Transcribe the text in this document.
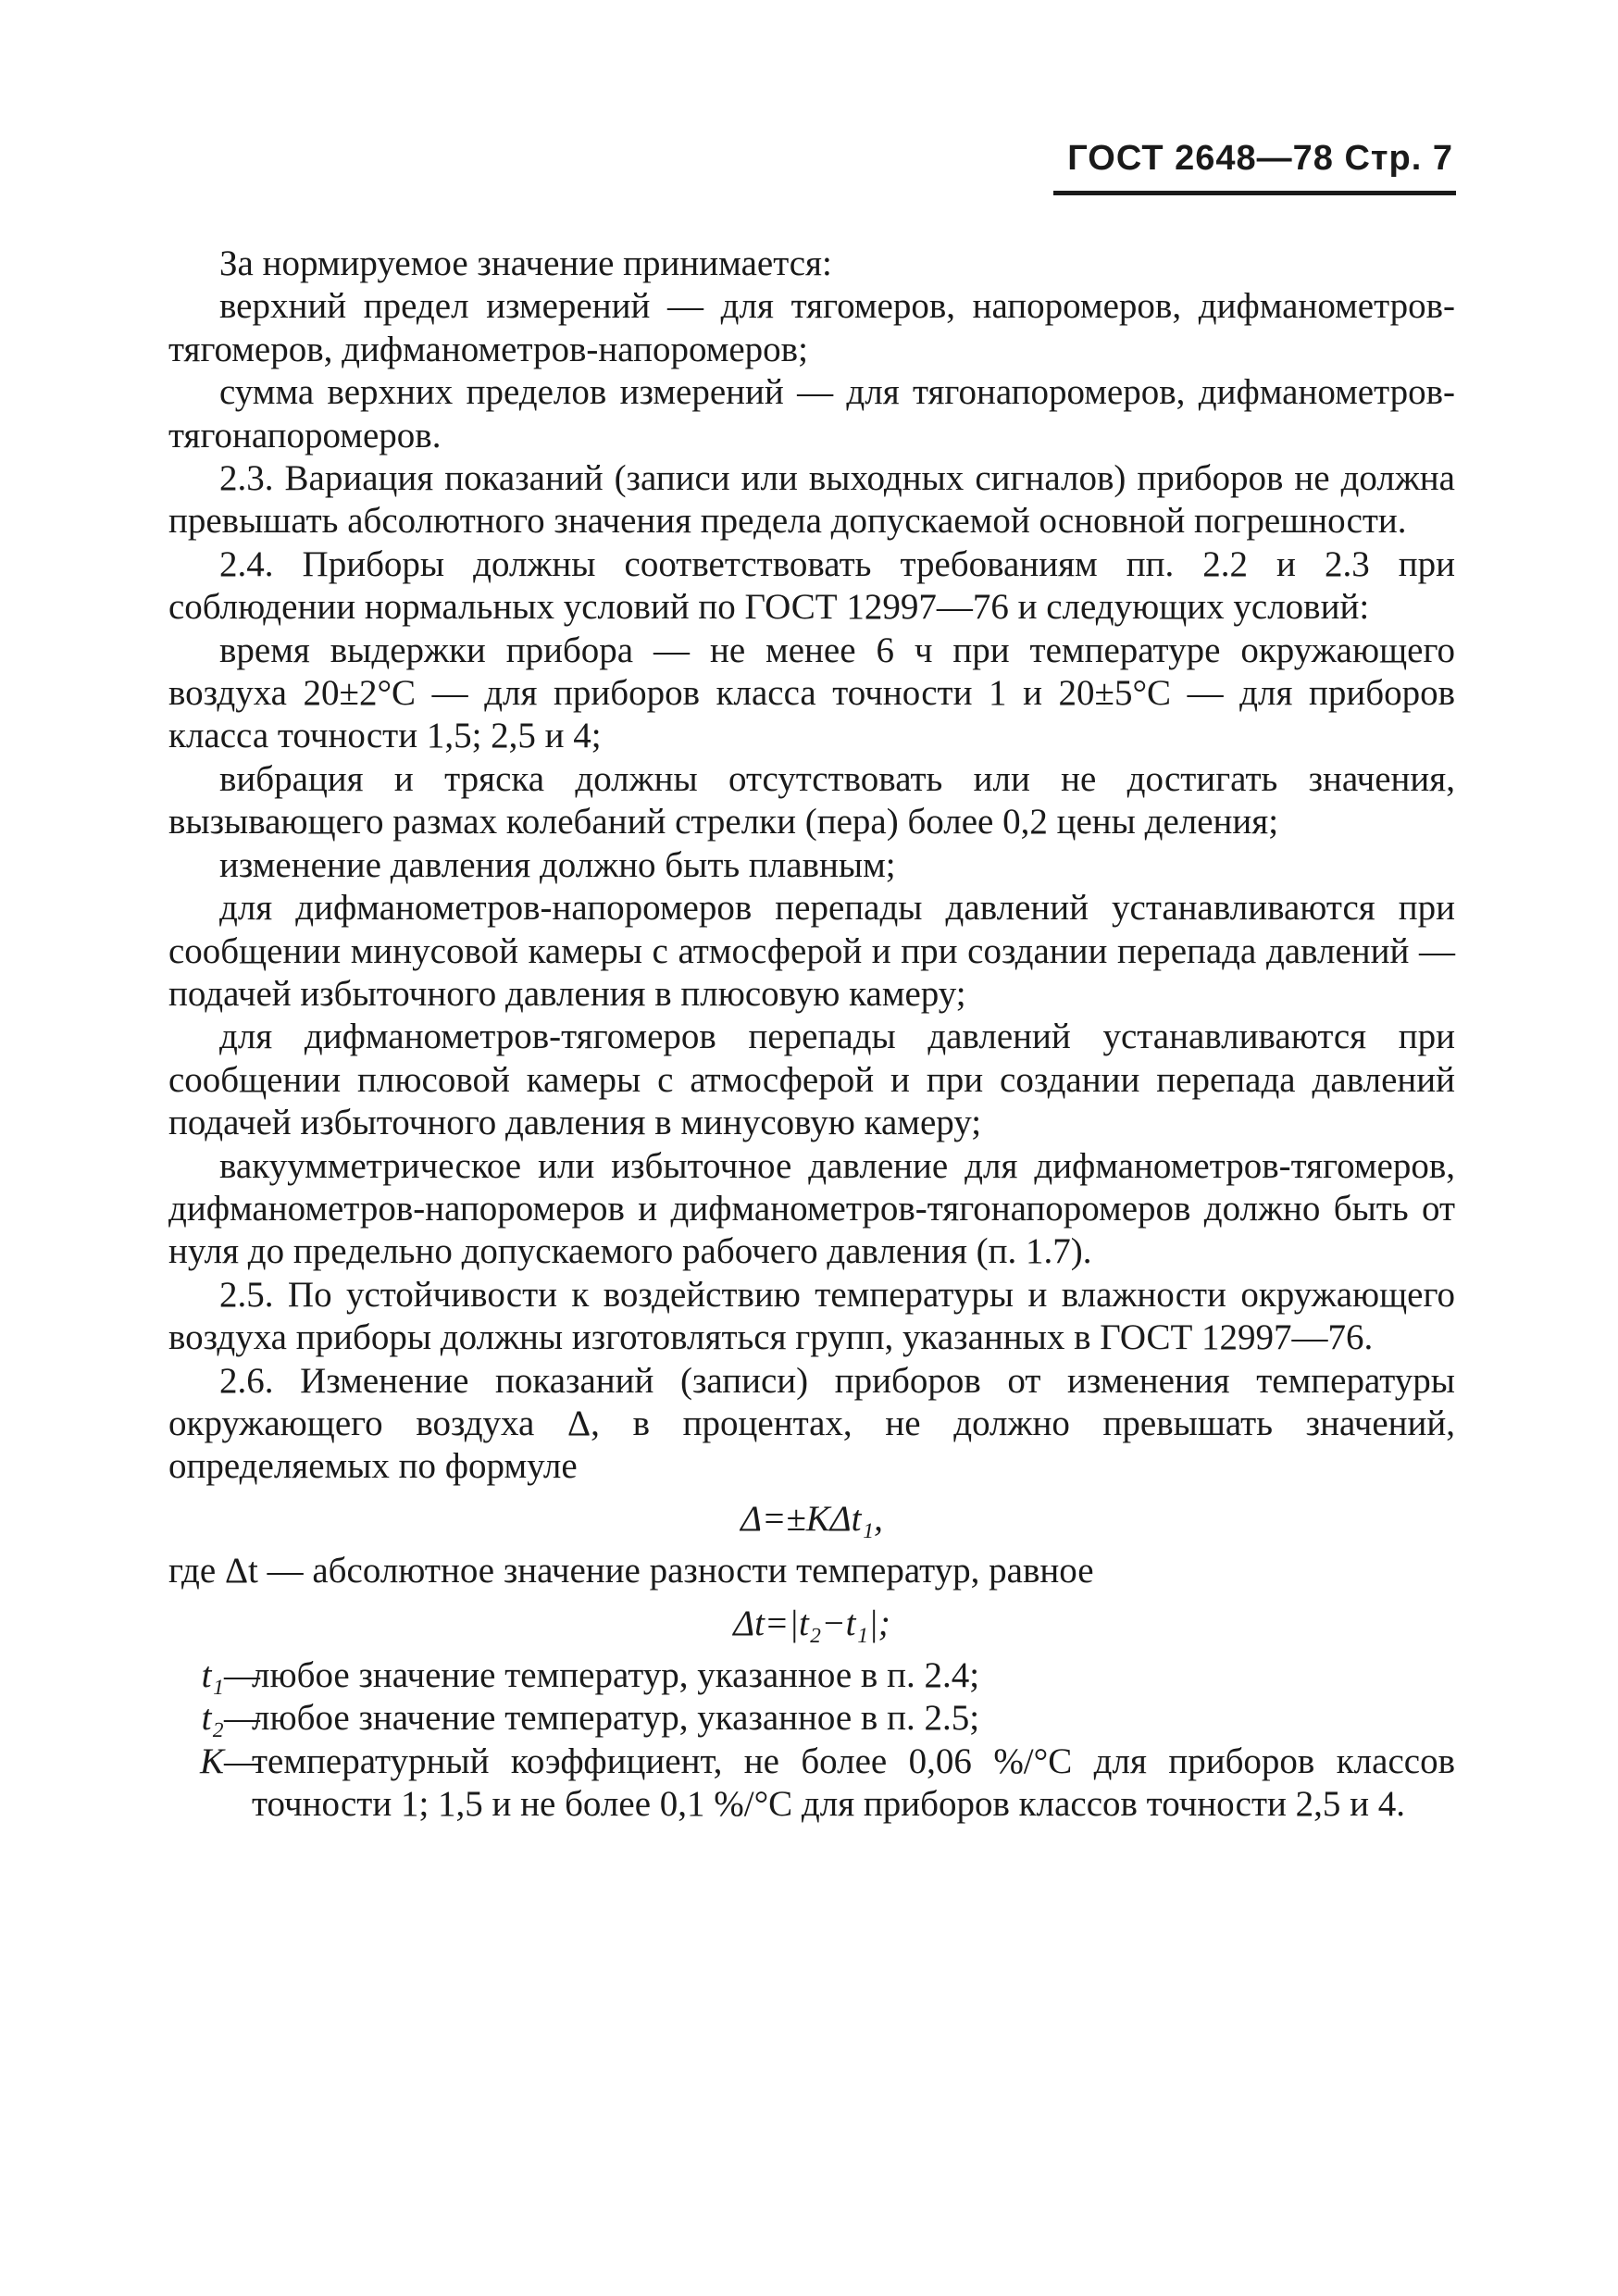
ГОСТ 2648—78 Стр. 7

За нормируемое значение принимается:

верхний предел измерений — для тягомеров, напоромеров, дифманометров-тягомеров, дифманометров-напоромеров;

сумма верхних пределов измерений — для тягонапоромеров, дифманометров-тягонапоромеров.

2.3. Вариация показаний (записи или выходных сигналов) приборов не должна превышать абсолютного значения предела допускаемой основной погрешности.

2.4. Приборы должны соответствовать требованиям пп. 2.2 и 2.3 при соблюдении нормальных условий по ГОСТ 12997—76 и следующих условий:

время выдержки прибора — не менее 6 ч при температуре окружающего воздуха 20±2°С — для приборов класса точности 1 и 20±5°С — для приборов класса точности 1,5; 2,5 и 4;

вибрация и тряска должны отсутствовать или не достигать значения, вызывающего размах колебаний стрелки (пера) более 0,2 цены деления;

изменение давления должно быть плавным;

для дифманометров-напоромеров перепады давлений устанавливаются при сообщении минусовой камеры с атмосферой и при создании перепада давлений — подачей избыточного давления в плюсовую камеру;

для дифманометров-тягомеров перепады давлений устанавливаются при сообщении плюсовой камеры с атмосферой и при создании перепада давлений подачей избыточного давления в минусовую камеру;

вакуумметрическое или избыточное давление для дифманометров-тягомеров, дифманометров-напоромеров и дифманометров-тягонапоромеров должно быть от нуля до предельно допускаемого рабочего давления (п. 1.7).

2.5. По устойчивости к воздействию температуры и влажности окружающего воздуха приборы должны изготовляться групп, указанных в ГОСТ 12997—76.

2.6. Изменение показаний (записи) приборов от изменения температуры окружающего воздуха Δ, в процентах, не должно превышать значений, определяемых по формуле

Δ=±KΔt₁,

где Δt — абсолютное значение разности температур, равное

Δt=|t₂−t₁|;
t₁ —
любое значение температур, указанное в п. 2.4;
t₂ —
любое значение температур, указанное в п. 2.5;
K —
температурный коэффициент, не более 0,06 %/°С для приборов классов точности 1; 1,5 и не более 0,1 %/°С для приборов классов точности 2,5 и 4.
